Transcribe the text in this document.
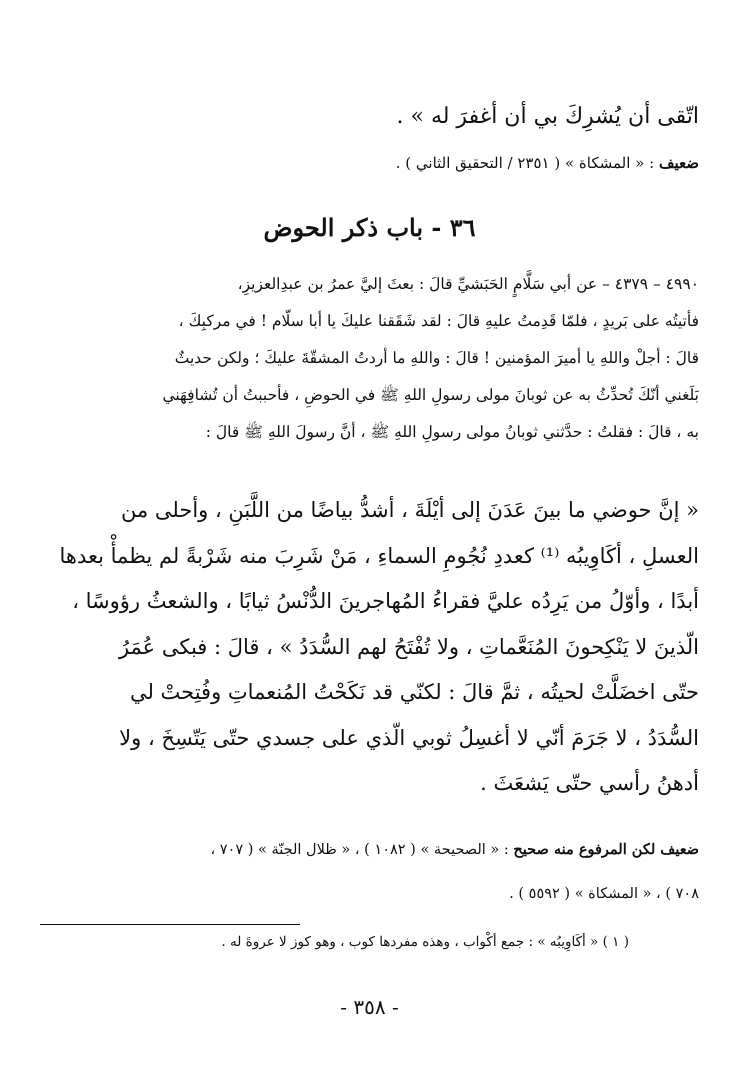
اتّقى أن يُشرِكَ بي أن أغفرَ له » .
ضعيف : « المشكاة » ( ٢٣٥١ / التحقيق الثاني ) .
٣٦ - باب ذكر الحوض
٤٩٩٠ – ٤٣٧٩ – عن أبي سَلَّامٍ الحَبَشيِّ قالَ : بعثَ إليَّ عمرُ بن عبدِالعزيزِ،
فأتيتُه على بَريدٍ ، فلمّا قَدِمتُ عليهِ قالَ : لقد شَقَقنا عليكَ يا أبا سلّام ! في مركبِكَ ،
قالَ : أجلْ واللهِ يا أميرَ المؤمنين ! قالَ : واللهِ ما أردتُ المشقّةَ عليكَ ؛ ولكن حديثٌ
بَلَغني أنّكَ تُحدِّثُ به عن ثوبانَ مولى رسولِ اللهِ ﷺ في الحوضِ ، فأحببتُ أن تُشافِهَني
به ، قالَ : فقلتُ : حدَّثني ثوبانُ مولى رسولِ اللهِ ﷺ ، أنَّ رسولَ اللهِ ﷺ قالَ :
« إنَّ حوضي ما بينَ عَدَنَ إلى أيْلَةَ ، أشدُّ بياضًا من اللَّبَنِ ، وأحلى من
العسلِ ، أكَاوِيبُه ⁽¹⁾ كعددِ نُجُومِ السماءِ ، مَنْ شَرِبَ منه شَرْبةً لم يظمأْ بعدها
أبدًا ، وأوّلُ من يَرِدُه عليَّ فقراءُ المُهاجرينَ الدُّنْسُ ثيابًا ، والشعثُ رؤوسًا ،
الّذينَ لا يَنْكِحونَ المُنَعَّماتِ ، ولا تُفْتَحُ لهم السُّدَدُ » ، قالَ : فبكى عُمَرُ
حتّى اخضَلَّتْ لحيتُه ، ثمَّ قالَ : لكنّي قد نَكَحْتُ المُنعماتِ وفُتِحتْ لي
السُّدَدُ ، لا جَرَمَ أنّي لا أغسِلُ ثوبي الّذي على جسدي حتّى يَتّسِخَ ، ولا
أدهنُ رأسي حتّى يَشعَثَ .
ضعيف لكن المرفوع منه صحيح : « الصحيحة » ( ١٠٨٢ ) ، « ظلال الجنّة » ( ٧٠٧ ،
٧٠٨ ) ، « المشكاة » ( ٥٥٩٢ ) .
( ١ ) « أكَاوِيبُه » : جمع أكْواب ، وهذه مفردها كوب ، وهو كوز لا عروةَ له .
- ٣٥٨ -
